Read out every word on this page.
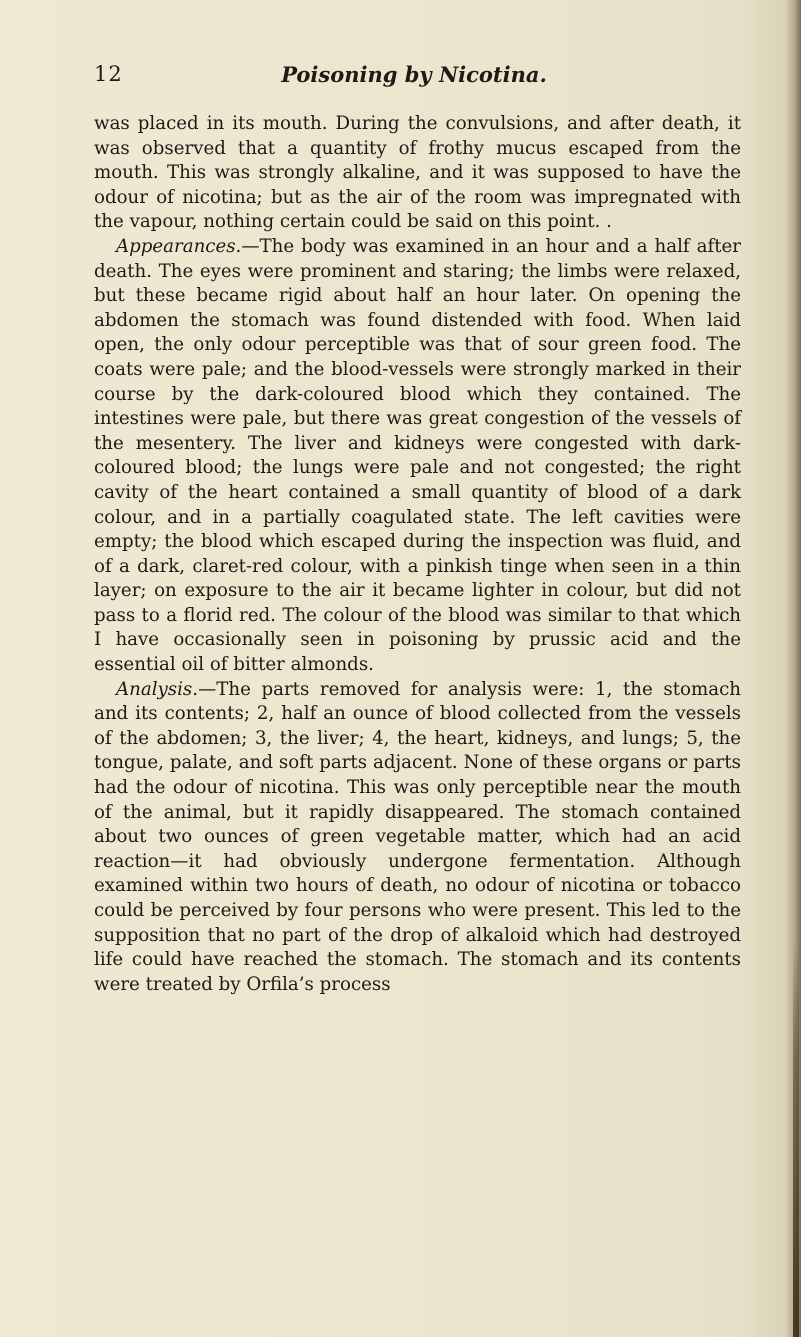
12	Poisoning by Nicotina.

was placed in its mouth. During the convulsions, and after death, it was observed that a quantity of frothy mucus escaped from the mouth. This was strongly alkaline, and it was supposed to have the odour of nicotina; but as the air of the room was impregnated with the vapour, nothing certain could be said on this point. .

Appearances.—The body was examined in an hour and a half after death. The eyes were prominent and staring; the limbs were relaxed, but these became rigid about half an hour later. On opening the abdomen the stomach was found distended with food. When laid open, the only odour perceptible was that of sour green food. The coats were pale; and the blood-vessels were strongly marked in their course by the dark-coloured blood which they contained. The intestines were pale, but there was great congestion of the vessels of the mesentery. The liver and kidneys were congested with dark-coloured blood; the lungs were pale and not congested; the right cavity of the heart contained a small quantity of blood of a dark colour, and in a partially coagulated state. The left cavities were empty; the blood which escaped during the inspection was fluid, and of a dark, claret-red colour, with a pinkish tinge when seen in a thin layer; on exposure to the air it became lighter in colour, but did not pass to a florid red. The colour of the blood was similar to that which I have occasionally seen in poisoning by prussic acid and the essential oil of bitter almonds.

Analysis.—The parts removed for analysis were: 1, the stomach and its contents; 2, half an ounce of blood collected from the vessels of the abdomen; 3, the liver; 4, the heart, kidneys, and lungs; 5, the tongue, palate, and soft parts adjacent. None of these organs or parts had the odour of nicotina. This was only perceptible near the mouth of the animal, but it rapidly disappeared. The stomach contained about two ounces of green vegetable matter, which had an acid reaction—it had obviously undergone fermentation. Although examined within two hours of death, no odour of nicotina or tobacco could be perceived by four persons who were present. This led to the supposition that no part of the drop of alkaloid which had destroyed life could have reached the stomach. The stomach and its contents were treated by Orfila’s process
